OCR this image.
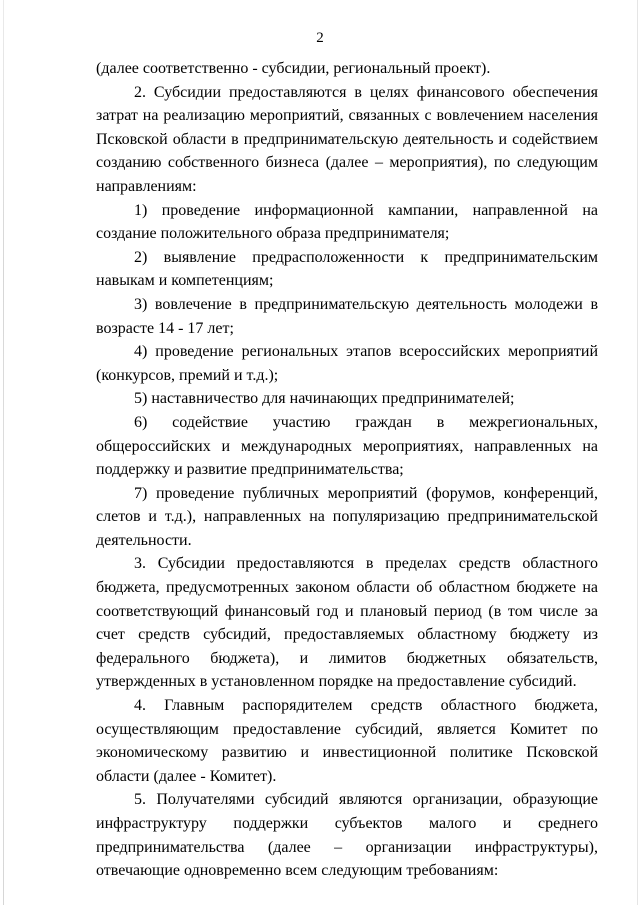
2

(далее соответственно - субсидии, региональный проект).

2. Субсидии предоставляются в целях финансового обеспечения затрат на реализацию мероприятий, связанных с вовлечением населения Псковской области в предпринимательскую деятельность и содействием созданию собственного бизнеса (далее – мероприятия), по следующим направлениям:

1) проведение информационной кампании, направленной на создание положительного образа предпринимателя;

2) выявление предрасположенности к предпринимательским навыкам и компетенциям;

3) вовлечение в предпринимательскую деятельность молодежи в возрасте 14 - 17 лет;

4) проведение региональных этапов всероссийских мероприятий (конкурсов, премий и т.д.);

5) наставничество для начинающих предпринимателей;

6) содействие участию граждан в межрегиональных, общероссийских и международных мероприятиях, направленных на поддержку и развитие предпринимательства;

7) проведение публичных мероприятий (форумов, конференций, слетов и т.д.), направленных на популяризацию предпринимательской деятельности.

3. Субсидии предоставляются в пределах средств областного бюджета, предусмотренных законом области об областном бюджете на соответствующий финансовый год и плановый период (в том числе за счет средств субсидий, предоставляемых областному бюджету из федерального бюджета), и лимитов бюджетных обязательств, утвержденных в установленном порядке на предоставление субсидий.

4. Главным распорядителем средств областного бюджета, осуществляющим предоставление субсидий, является Комитет по экономическому развитию и инвестиционной политике Псковской области (далее - Комитет).

5. Получателями субсидий являются организации, образующие инфраструктуру поддержки субъектов малого и среднего предпринимательства (далее – организации инфраструктуры), отвечающие одновременно всем следующим требованиям:
